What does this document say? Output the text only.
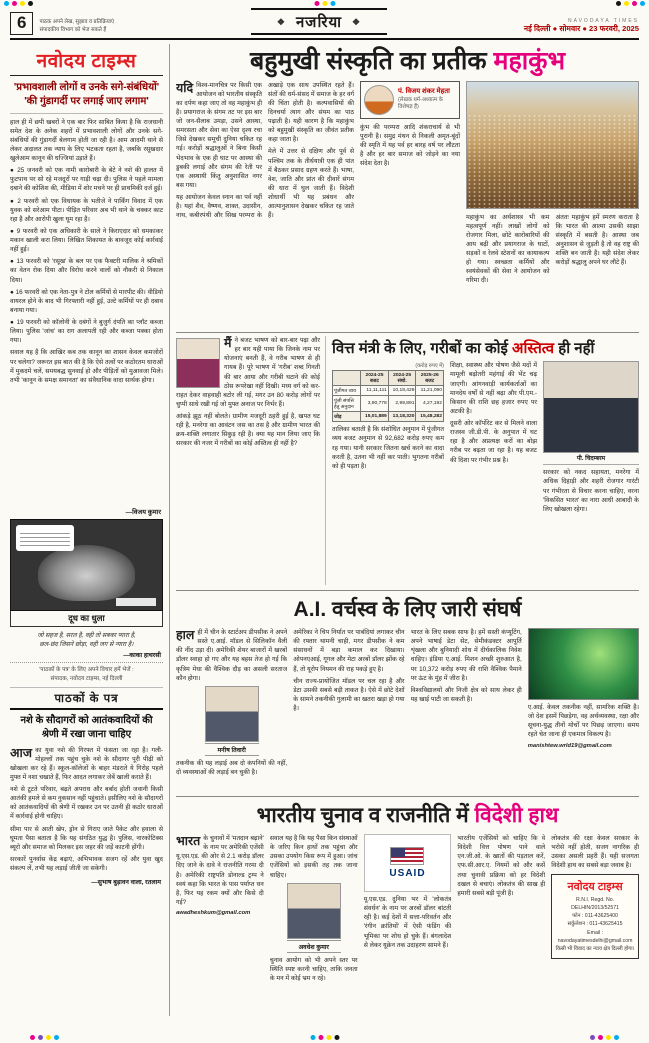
6	पाठक अपने लेख, सुझाव व प्रतिक्रियाएं
संपादकीय विभाग को भेज सकते हैं
❖ नजरिया ❖	NAVODAYA TIMES
नई दिल्ली ● सोमवार ● 23 फरवरी, 2025
नवोदय टाइम्स
'प्रभावशाली लोगों व उनके सगे-संबंधियों'
'की गुंडागर्दी पर लगाई जाए लगाम'

हाल ही में छपी खबरों ने एक बार फिर साबित किया है कि राजधानी समेत देश के अनेक शहरों में प्रभावशाली लोगों और उनके सगे-संबंधियों की गुंडागर्दी बेलगाम होती जा रही है। आम आदमी थाने से लेकर अदालत तक न्याय के लिए भटकता रहता है, जबकि रसूखदार खुलेआम कानून की धज्जियां उड़ाते हैं।

● 25 जनवरी को एक नामी कारोबारी के बेटे ने नशे की हालत में फुटपाथ पर सो रहे मजदूरों पर गाड़ी चढ़ा दी। पुलिस ने पहले मामला दबाने की कोशिश की, मीडिया में शोर मचने पर ही प्राथमिकी दर्ज हुई।

● 2 फरवरी को एक विधायक के भतीजे ने पार्किंग विवाद में एक युवक को सरेआम पीटा। पीड़ित परिवार अब भी थाने के चक्कर काट रहा है और आरोपी खुला घूम रहा है।

● 9 फरवरी को एक अधिकारी के साले ने किराएदार को धमकाकर मकान खाली करा लिया। लिखित शिकायत के बावजूद कोई कार्रवाई नहीं हुई।

● 13 फरवरी को 'रसूख' के बल पर एक फैक्टरी मालिक ने श्रमिकों का वेतन रोक दिया और विरोध करने वालों को नौकरी से निकाल दिया।

● 16 फरवरी को एक नेता-पुत्र ने टोल कर्मियों से मारपीट की। वीडियो वायरल होने के बाद भी गिरफ्तारी नहीं हुई, उल्टे कर्मियों पर ही दबाव बनाया गया।

● 19 फरवरी को कॉलोनी के दबंगों ने बुजुर्ग दंपति का प्लॉट कब्जा लिया। पुलिस 'जांच' का राग अलापती रही और कब्जा पक्का होता गया।

सवाल यह है कि आखिर कब तक कानून का शासन केवल कमजोरों पर चलेगा? जरूरत इस बात की है कि ऐसे तत्वों पर कठोरतम धाराओं में मुकदमे चलें, समयबद्ध सुनवाई हो और पीड़ितों को मुआवजा मिले। तभी 'कानून के समक्ष समानता' का संवैधानिक वादा सार्थक होगा।

—विजय कुमार
दूध का धुला
जो सहज है, सरल है, वही तो सबका प्यारा है,
छल-छंद जिसने छोड़ा, वही जग से न्यारा है।
—काका हाथरसी
'पाठकों के पत्र' के लिए अपने विचार हमें भेजें :
संपादक, नवोदय टाइम्स, नई दिल्ली
पाठकों के पत्र
नशे के सौदागरों को आतंकवादियों की श्रेणी में रखा जाना चाहिए

आज का युवा नशे की गिरफ्त में फंसता जा रहा है। गली-मोहल्लों तक पहुंच चुके नशे के सौदागर पूरी पीढ़ी को खोखला कर रहे हैं। स्कूल-कॉलेजों के बाहर मंडराते ये गिरोह पहले मुफ्त में नशा चखाते हैं, फिर आदत लगाकर जेबें खाली कराते हैं।

नशे से टूटते परिवार, बढ़ते अपराध और बर्बाद होती जवानी किसी आतंकी हमले से कम नुकसान नहीं पहुंचाते। इसीलिए नशे के सौदागरों को आतंकवादियों की श्रेणी में रखकर उन पर उतनी ही कठोर धाराओं में कार्रवाई होनी चाहिए।

सीमा पार से आती खेप, ड्रोन से गिराए जाते पैकेट और हवाला से घूमता पैसा बताता है कि यह संगठित युद्ध है। पुलिस, नारकोटिक्स ब्यूरो और समाज को मिलकर इस जहर की जड़ें काटनी होंगी।

सरकारें पुनर्वास केंद्र बढ़ाएं, अभिभावक सजग रहें और युवा खुद संकल्प लें, तभी यह लड़ाई जीती जा सकेगी।

—सुभाष बुड़ावन वाला, रतलाम
बहुमुखी संस्कृति का प्रतीक महाकुंभ

यदि विश्व-मानचित्र पर किसी एक आयोजन को भारतीय संस्कृति का दर्पण कहा जाए तो वह महाकुंभ ही है। प्रयागराज के संगम तट पर इस बार जो जन-सैलाब उमड़ा, उसने आस्था, समरसता और सेवा का ऐसा दृश्य रचा जिसे देखकर समूची दुनिया चकित रह गई। करोड़ों श्रद्धालुओं ने बिना किसी भेदभाव के एक ही घाट पर आस्था की डुबकी लगाई और संगम की रेती पर एक अस्थायी किंतु अनुशासित नगर बस गया।

यह आयोजन केवल स्नान का पर्व नहीं है। यहां शैव, वैष्णव, शाक्त, उदासीन, नाथ, कबीरपंथी और सिख परम्परा के अखाड़े एक साथ उपस्थित रहते हैं। संतों की धर्म-संसद में समाज के हर वर्ग की चिंता होती है। कल्पवासियों की दिनचर्या त्याग और संयम का पाठ पढ़ाती है। यही कारण है कि महाकुंभ को बहुमुखी संस्कृति का जीवंत प्रतीक कहा जाता है।

मेले में उत्तर से दक्षिण और पूर्व से पश्चिम तक के तीर्थयात्री एक ही पांत में बैठकर प्रसाद ग्रहण करते हैं। भाषा, वेश, जाति और प्रांत की दीवारें संगम की धारा में घुल जाती हैं। विदेशी शोधार्थी भी यह प्रबंधन और आत्मानुशासन देखकर चकित रह जाते हैं।

पं. विजय शंकर मेहता
(लेखक धर्म-अध्यात्म के विशेषज्ञ हैं)

कुंभ की परम्परा आदि शंकराचार्य से भी पुरानी है। समुद्र मंथन से निकली अमृत-बूंदों की स्मृति में यह पर्व हर बारह वर्ष पर लौटता है और हर बार समाज को जोड़ने का नया संदेश देता है।

महाकुंभ का अर्थशास्त्र भी कम महत्वपूर्ण नहीं। लाखों लोगों को रोजगार मिला, छोटे कारोबारियों की आय बढ़ी और प्रयागराज के घाटों, सड़कों व रेलवे स्टेशनों का कायाकल्प हो गया। स्वच्छता कर्मियों और स्वयंसेवकों की सेवा ने आयोजन को गरिमा दी।

अंततः महाकुंभ हमें स्मरण कराता है कि भारत की आत्मा उसकी साझा संस्कृति में बसती है। आस्था जब अनुशासन से जुड़ती है तो वह राष्ट्र की शक्ति बन जाती है। यही संदेश लेकर करोड़ों श्रद्धालु अपने घर लौटे हैं।

मैंने बजट भाषण को बार-बार पढ़ा और हर बार यही पाया कि जिनके नाम पर योजनाएं बनती हैं, वे गरीब भाषण से ही गायब हैं। पूरे भाषण में 'गरीब' शब्द गिनती की बार आया और गरीबी घटाने की कोई ठोस रूपरेखा नहीं दिखी। मध्य वर्ग को कर-राहत देकर वाहवाही बटोर ली गई, मगर उन 80 करोड़ लोगों पर चुप्पी साधे रखी गई जो मुफ्त अनाज पर निर्भर हैं।

आंकड़े झूठ नहीं बोलते। ग्रामीण मजदूरी ठहरी हुई है, खपत घट रही है, मनरेगा का आवंटन जस का तस है और ग्रामीण भारत की क्रय-शक्ति लगातार सिकुड़ रही है। क्या यह मान लिया जाए कि सरकार की नजर में गरीबों का कोई अस्तित्व ही नहीं है?

वित्त मंत्री के लिए, गरीबों का कोई अस्तित्व ही नहीं
(करोड़ रुपए में)
	2024-25 बजट	2024-25 संशो.	2025-26 बजट
पूंजीगत व्यय	11,11,111	10,18,429	11,21,090
पूंजी संपत्ति हेतु अनुदान	3,90,778	2,99,891	4,27,192
जोड़	15,01,889	13,18,320	15,48,282

तालिका बताती है कि संशोधित अनुमान में पूंजीगत व्यय बजट अनुमान से 92,682 करोड़ रुपए कम रह गया। यानी सरकार जितना खर्च करने का वादा करती है, उतना भी नहीं कर पाती। भुगतना गरीबों को ही पड़ता है।

शिक्षा, स्वास्थ्य और पोषण जैसे मदों में मामूली बढ़ोतरी महंगाई की भेंट चढ़ जाएगी। आंगनवाड़ी कार्यकर्ताओं का मानदेय वर्षों से नहीं बढ़ा और पी.एम.-किसान की राशि छह हजार रुपए पर अटकी है।

दूसरी ओर कॉर्पोरेट कर से मिलने वाला राजस्व जी.डी.पी. के अनुपात में घट रहा है और अप्रत्यक्ष करों का बोझ गरीब पर बढ़ता जा रहा है। यह बजट की दिशा पर गंभीर प्रश्न है।	पी. चिदम्बरम

सरकार को नकद सहायता, मनरेगा में अधिक दिहाड़ी और शहरी रोजगार गारंटी पर गंभीरता से विचार करना चाहिए, वरना 'विकसित भारत' का नारा आधी आबादी के लिए खोखला रहेगा।

A.I. वर्चस्व के लिए जारी संघर्ष

हाल ही में चीन के स्टार्टअप डीपसीक ने अपने सस्ते ए.आई. मॉडल से सिलिकॉन वैली की नींद उड़ा दी। अमेरिकी शेयर बाजारों में खरबों डॉलर स्वाहा हो गए और यह बहस तेज हो गई कि कृत्रिम मेधा की वैश्विक दौड़ का असली सरताज कौन होगा।

मनीष तिवारी

तकनीक की यह लड़ाई अब दो कंपनियों की नहीं, दो व्यवस्थाओं की लड़ाई बन चुकी है।

अमेरिका ने चिप निर्यात पर पाबंदियां लगाकर चीन की रफ्तार थामनी चाही, मगर डीपसीक ने कम संसाधनों में बड़ा कमाल कर दिखाया। ओपनएआई, गूगल और मेटा अरबों डॉलर झोंक रहे हैं, तो यूरोप नियमन की राह पकड़े हुए है।

चीन राज्य-प्रायोजित मॉडल पर चल रहा है और डेटा उसकी सबसे बड़ी ताकत है। ऐसे में छोटे देशों के सामने तकनीकी गुलामी का खतरा खड़ा हो गया है।

भारत के लिए सबक साफ है। हमें सस्ती कंप्यूटिंग, अपने भाषाई डेटा सेट, सेमीकंडक्टर आपूर्ति शृंखला और बुनियादी शोध में दीर्घकालिक निवेश चाहिए। इंडिया ए.आई. मिशन अच्छी शुरुआत है, पर 10,372 करोड़ रुपए की राशि वैश्विक पैमाने पर ऊंट के मुंह में जीरा है।

विश्वविद्यालयों और निजी क्षेत्र को साथ लेकर ही यह खाई पाटी जा सकती है।

ए.आई. केवल तकनीक नहीं, सामरिक शक्ति है। जो देश इसमें पिछड़ेगा, वह अर्थव्यवस्था, रक्षा और सूचना-युद्ध तीनों मोर्चों पर पिछड़ जाएगा। समय रहते चेत जाना ही एकमात्र विकल्प है।

manishtew.wrld19@gmail.com
भारतीय चुनाव व राजनीति में विदेशी हाथ

भारत के चुनावों में 'मतदान बढ़ाने' के नाम पर अमेरिकी एजेंसी यू.एस.एड. की ओर से 2.1 करोड़ डॉलर दिए जाने के दावे ने राजनीति गरमा दी है। अमेरिकी राष्ट्रपति डोनाल्ड ट्रम्प ने स्वयं कहा कि भारत के पास पर्याप्त धन है, फिर यह रकम क्यों और किसे दी गई?

awadheshkum@gmail.com

सवाल यह है कि यह पैसा किन संस्थाओं के जरिए किन हाथों तक पहुंचा और उसका उपयोग किस रूप में हुआ। जांच एजेंसियों को इसकी तह तक जाना चाहिए।

अवधेश कुमार

चुनाव आयोग को भी अपने स्तर पर स्थिति स्पष्ट करनी चाहिए, ताकि जनता के मन में कोई भ्रम न रहे।

USAID

यू.एस.एड. दुनिया भर में 'लोकतंत्र संवर्धन' के नाम पर अरबों डॉलर बांटती रही है। कई देशों में सत्ता-परिवर्तन और 'रंगीन क्रांतियों' में ऐसी फंडिंग की भूमिका पर शोध हो चुके हैं। बंगलादेश से लेकर यूक्रेन तक उदाहरण सामने हैं।

भारतीय एजेंसियों को चाहिए कि वे विदेशी वित्त पोषण पाने वाले एन.जी.ओ. के खातों की पड़ताल करें, एफ.सी.आर.ए. नियमों को और कसें तथा चुनावी प्रक्रिया को हर विदेशी दखल से बचाएं। लोकतंत्र की साख ही हमारी सबसे बड़ी पूंजी है।

लोकतंत्र की रक्षा केवल सरकार के भरोसे नहीं होती, सजग नागरिक ही उसका असली प्रहरी हैं। यही सजगता विदेशी हाथ का सबसे बड़ा जवाब है।

नवोदय टाइम्स
R.N.I. Regd. No. DELHIN/2013/52571
फोन : 011-43625400
सर्कुलेशन : 011-43625415
Email : navodayatimesdelhi@gmail.com
किसी भी विवाद का न्याय क्षेत्र दिल्ली होगा।
